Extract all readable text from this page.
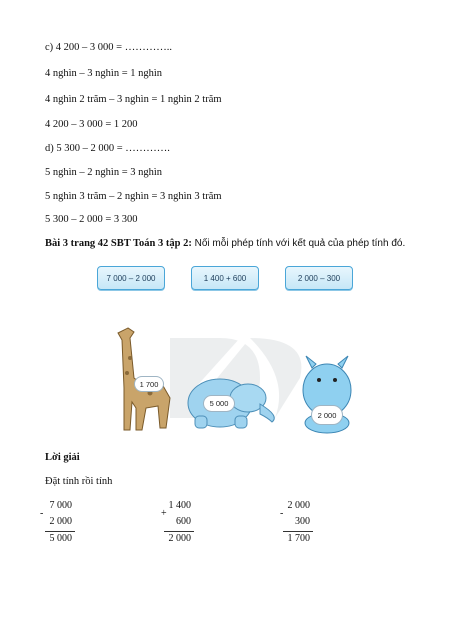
c) 4 200 – 3 000 = …………..
4 nghìn – 3 nghìn = 1 nghìn
4 nghìn 2 trăm – 3 nghìn = 1 nghìn 2 trăm
4 200 – 3 000 = 1 200
d) 5 300 – 2 000 = ………….
5 nghìn – 2 nghìn = 3 nghìn
5 nghìn 3 trăm – 2 nghìn = 3 nghìn 3 trăm
5 300 – 2 000 = 3 300
Bài 3 trang 42 SBT Toán 3 tập 2: Nối mỗi phép tính với kết quả của phép tính đó.
7 000 – 2 000	1 400 + 600	2 000 – 300
1 700
5 000
2 000
Lời giải
Đặt tính rồi tính
7 000
-
2 000
5 000
1 400
+
600
2 000
2 000
-
300
1 700
